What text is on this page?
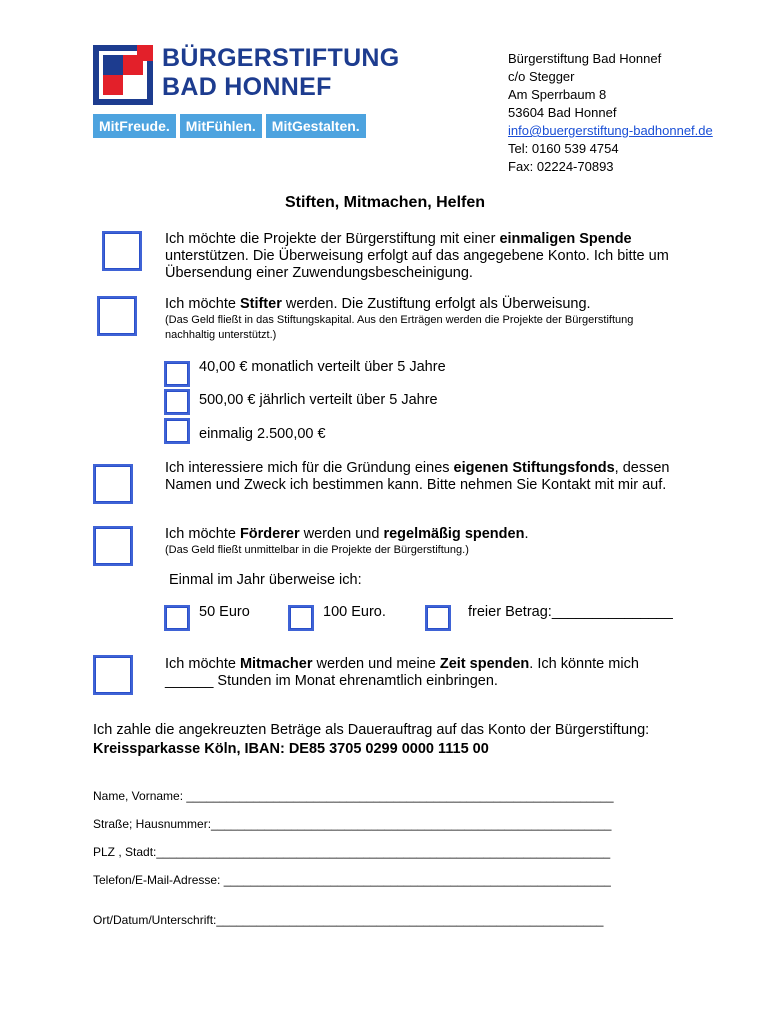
BÜRGERSTIFTUNG
BAD HONNEF
MitFreude.	MitFühlen.	MitGestalten.
Bürgerstiftung Bad Honnef
c/o Stegger
Am Sperrbaum 8
53604 Bad Honnef
info@buergerstiftung-badhonnef.de
Tel: 0160 539 4754
Fax: 02224-70893
Stiften, Mitmachen, Helfen
Ich möchte die Projekte der Bürgerstiftung mit einer einmaligen Spende unterstützen. Die Überweisung erfolgt auf das angegebene Konto. Ich bitte um Übersendung einer Zuwendungsbescheinigung.
Ich möchte Stifter werden. Die Zustiftung erfolgt als Überweisung.
(Das Geld fließt in das Stiftungskapital. Aus den Erträgen werden die Projekte der Bürgerstiftung nachhaltig unterstützt.)
40,00 € monatlich verteilt über 5 Jahre
500,00 € jährlich verteilt über 5 Jahre
einmalig 2.500,00 €
Ich interessiere mich für die Gründung eines eigenen Stiftungsfonds, dessen Namen und Zweck ich bestimmen kann. Bitte nehmen Sie Kontakt mit mir auf.
Ich möchte Förderer werden und regelmäßig spenden.
(Das Geld fließt unmittelbar in die Projekte der Bürgerstiftung.)
Einmal im Jahr überweise ich:
50 Euro	100 Euro.	freier Betrag:_______________
Ich möchte Mitmacher werden und meine Zeit spenden. Ich könnte mich ______ Stunden im Monat ehrenamtlich einbringen.
Ich zahle die angekreuzten Beträge als Dauerauftrag auf das Konto der Bürgerstiftung:
Kreissparkasse Köln, IBAN: DE85 3705 0299 0000 1115 00
Name, Vorname: ________________________________________________________________
Straße; Hausnummer:____________________________________________________________
PLZ , Stadt:____________________________________________________________________
Telefon/E-Mail-Adresse: __________________________________________________________
Ort/Datum/Unterschrift:__________________________________________________________
